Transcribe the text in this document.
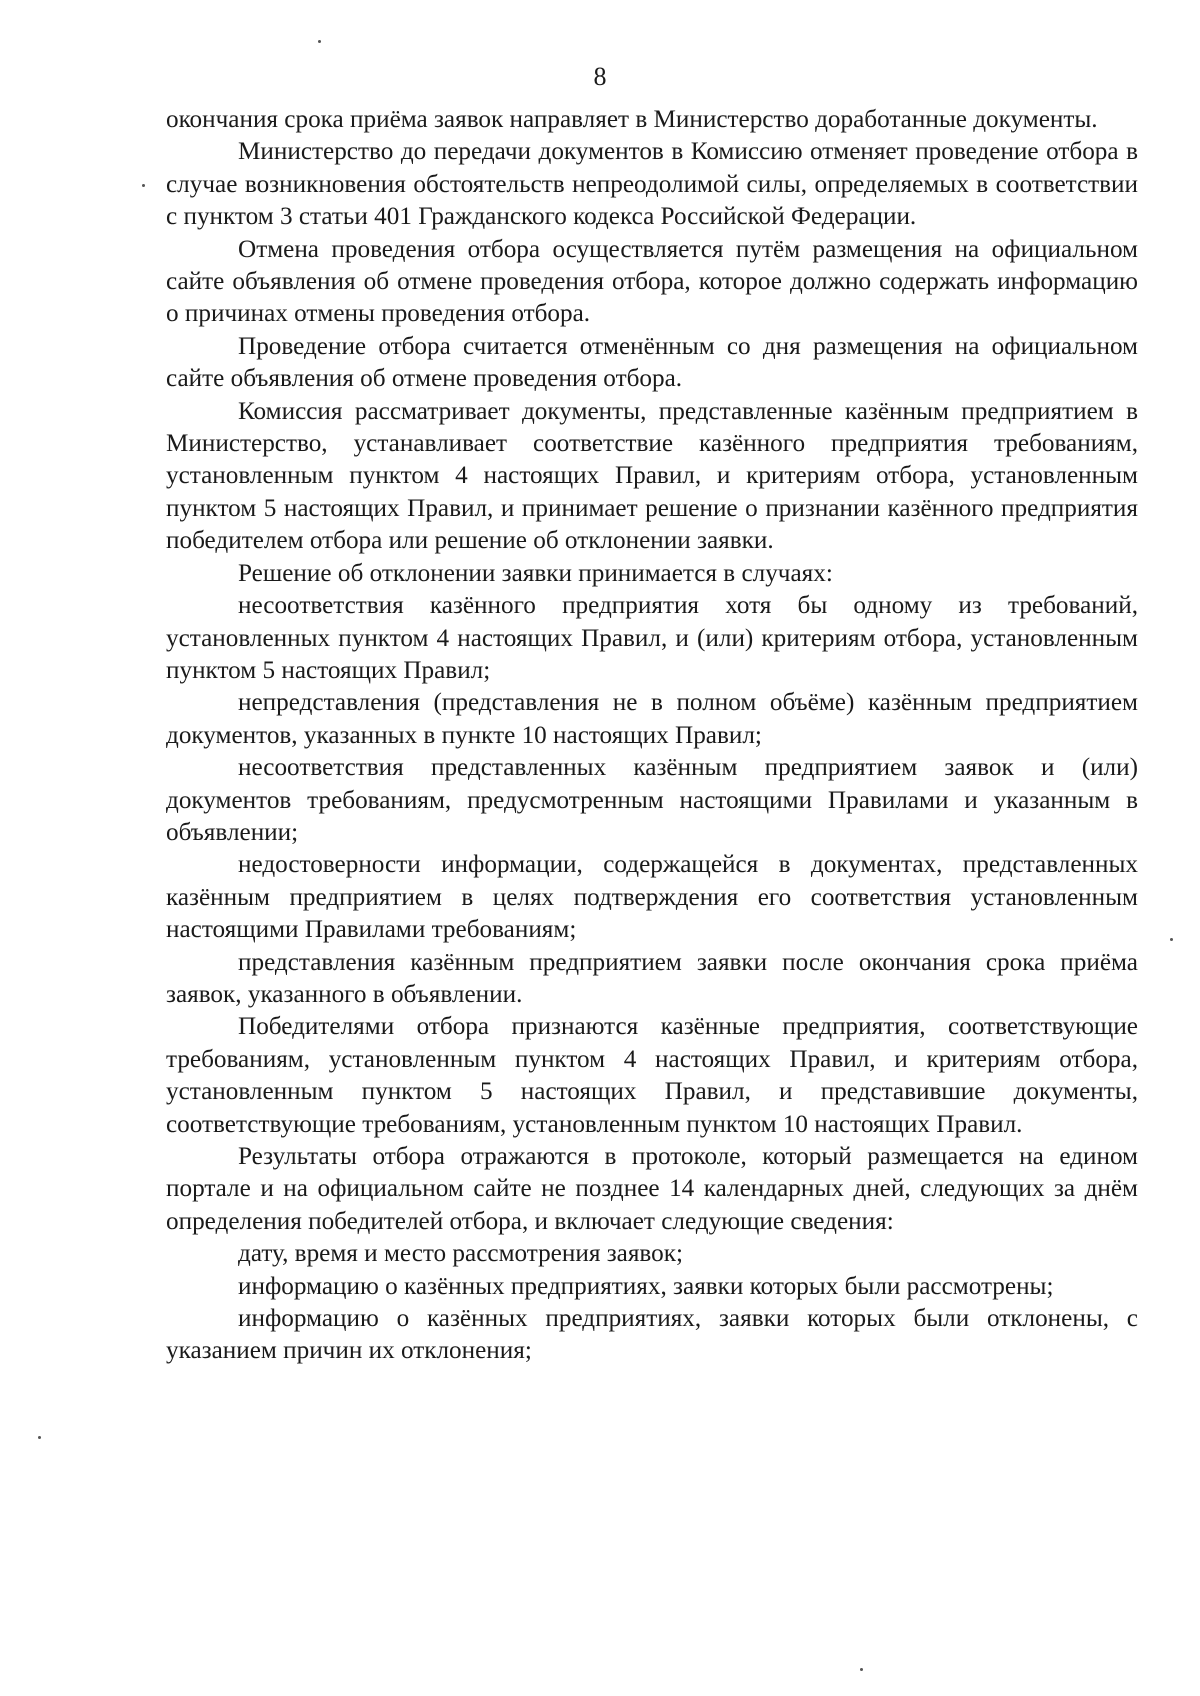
8

окончания срока приёма заявок направляет в Министерство доработанные документы.

Министерство до передачи документов в Комиссию отменяет проведение отбора в случае возникновения обстоятельств непреодолимой силы, определяемых в соответствии с пунктом 3 статьи 401 Гражданского кодекса Российской Федерации.

Отмена проведения отбора осуществляется путём размещения на официальном сайте объявления об отмене проведения отбора, которое должно содержать информацию о причинах отмены проведения отбора.

Проведение отбора считается отменённым со дня размещения на официальном сайте объявления об отмене проведения отбора.

Комиссия рассматривает документы, представленные казённым предприятием в Министерство, устанавливает соответствие казённого предприятия требованиям, установленным пунктом 4 настоящих Правил, и критериям отбора, установленным пунктом 5 настоящих Правил, и принимает решение о признании казённого предприятия победителем отбора или решение об отклонении заявки.

Решение об отклонении заявки принимается в случаях:

несоответствия казённого предприятия хотя бы одному из требований, установленных пунктом 4 настоящих Правил, и (или) критериям отбора, установленным пунктом 5 настоящих Правил;

непредставления (представления не в полном объёме) казённым предприятием документов, указанных в пункте 10 настоящих Правил;

несоответствия представленных казённым предприятием заявок и (или) документов требованиям, предусмотренным настоящими Правилами и указанным в объявлении;

недостоверности информации, содержащейся в документах, представленных казённым предприятием в целях подтверждения его соответствия установленным настоящими Правилами требованиям;

представления казённым предприятием заявки после окончания срока приёма заявок, указанного в объявлении.

Победителями отбора признаются казённые предприятия, соответствующие требованиям, установленным пунктом 4 настоящих Правил, и критериям отбора, установленным пунктом 5 настоящих Правил, и представившие документы, соответствующие требованиям, установленным пунктом 10 настоящих Правил.

Результаты отбора отражаются в протоколе, который размещается на едином портале и на официальном сайте не позднее 14 календарных дней, следующих за днём определения победителей отбора, и включает следующие сведения:

дату, время и место рассмотрения заявок;

информацию о казённых предприятиях, заявки которых были рассмотрены;

информацию о казённых предприятиях, заявки которых были отклонены, с указанием причин их отклонения;
